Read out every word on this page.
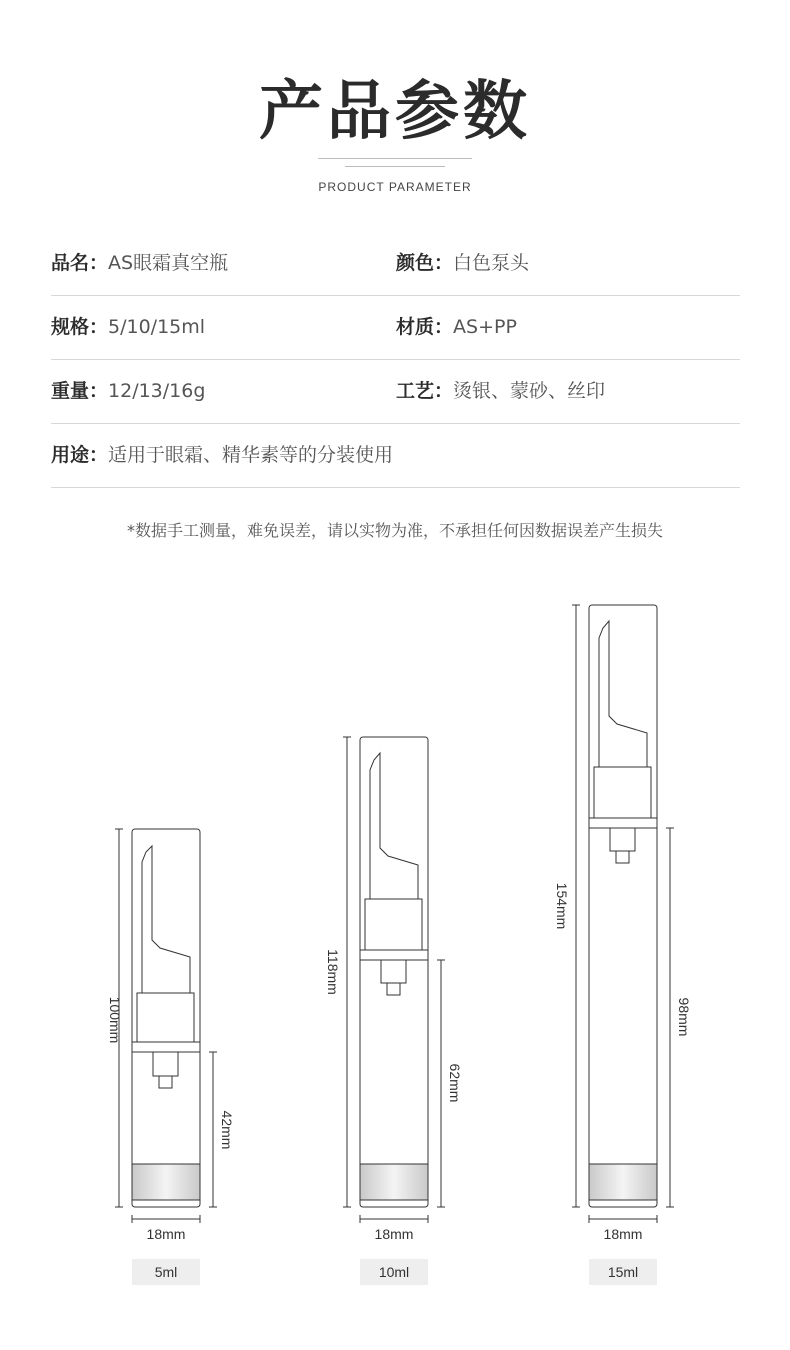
产品参数
PRODUCT PARAMETER
品名：AS眼霜真空瓶	颜色：白色泵头
规格：5/10/15ml	材质：AS+PP
重量：12/13/16g	工艺：烫银、蒙砂、丝印
用途：适用于眼霜、精华素等的分装使用
*数据手工测量，难免误差，请以实物为准，不承担任何因数据误差产生损失
100mm
42mm
18mm
118mm
62mm
18mm
154mm
98mm
18mm
5ml	10ml	15ml
